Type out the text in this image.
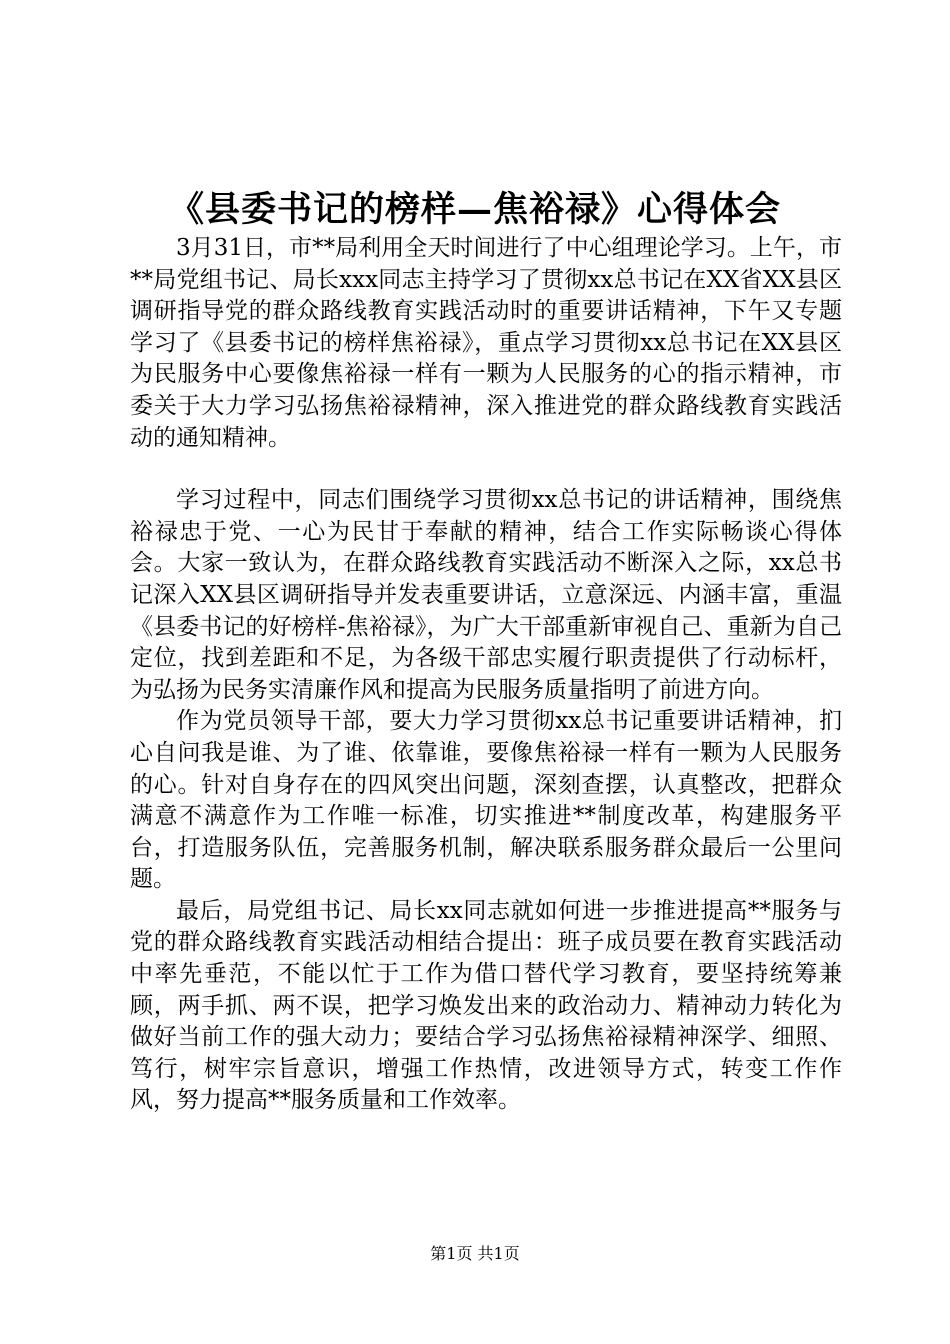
《县委书记的榜样—焦裕禄》心得体会

3月31日，市**局利用全天时间进行了中心组理论学习。上午，市**局党组书记、局长xxx同志主持学习了贯彻xx总书记在XX省XX县区调研指导党的群众路线教育实践活动时的重要讲话精神，下午又专题学习了《县委书记的榜样焦裕禄》，重点学习贯彻xx总书记在XX县区为民服务中心要像焦裕禄一样有一颗为人民服务的心的指示精神，市委关于大力学习弘扬焦裕禄精神，深入推进党的群众路线教育实践活动的通知精神。

学习过程中，同志们围绕学习贯彻xx总书记的讲话精神，围绕焦裕禄忠于党、一心为民甘于奉献的精神，结合工作实际畅谈心得体会。大家一致认为，在群众路线教育实践活动不断深入之际，xx总书记深入XX县区调研指导并发表重要讲话，立意深远、内涵丰富，重温《县委书记的好榜样-焦裕禄》，为广大干部重新审视自己、重新为自己定位，找到差距和不足，为各级干部忠实履行职责提供了行动标杆，为弘扬为民务实清廉作风和提高为民服务质量指明了前进方向。

作为党员领导干部，要大力学习贯彻xx总书记重要讲话精神，扪心自问我是谁、为了谁、依靠谁，要像焦裕禄一样有一颗为人民服务的心。针对自身存在的四风突出问题，深刻查摆，认真整改，把群众满意不满意作为工作唯一标准，切实推进**制度改革，构建服务平台，打造服务队伍，完善服务机制，解决联系服务群众最后一公里问题。

最后，局党组书记、局长xx同志就如何进一步推进提高**服务与党的群众路线教育实践活动相结合提出：班子成员要在教育实践活动中率先垂范，不能以忙于工作为借口替代学习教育，要坚持统筹兼顾，两手抓、两不误，把学习焕发出来的政治动力、精神动力转化为做好当前工作的强大动力；要结合学习弘扬焦裕禄精神深学、细照、笃行，树牢宗旨意识，增强工作热情，改进领导方式，转变工作作风，努力提高**服务质量和工作效率。

第1页 共1页
